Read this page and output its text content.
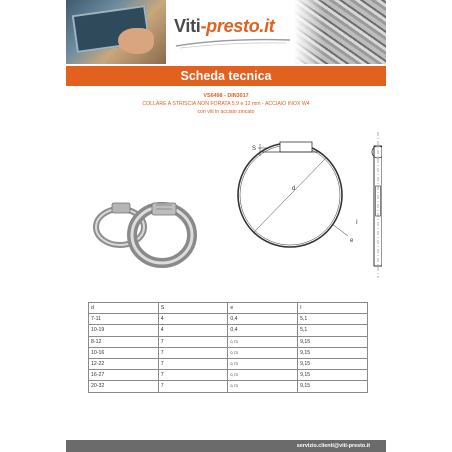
Viti-presto.it
Scheda tecnica
VS6498 - DIN3017
COLLARE A STRISCIA NON FORATA 5,9 e 12 mm - ACCIAIO INOX W4
con viti in acciaio zincato
S
d
e
I
d	S	e	I
7-11	4	0,4	5,1
10-19	4	0,4	5,1
8-12	7	0,73	9,15
10-16	7	0,73	9,15
12-22	7	0,73	9,15
16-27	7	0,73	9,15
20-32	7	0,73	9,15
servizio.clienti@viti-presto.it
